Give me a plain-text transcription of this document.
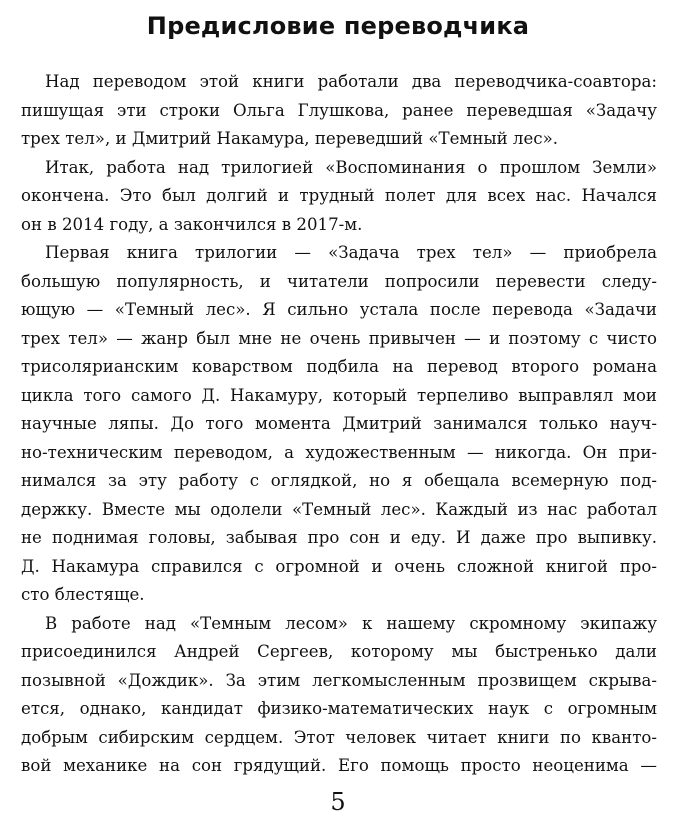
Предисловие переводчика
Над переводом этой книги работали два переводчика-соавтора:
пишущая эти строки Ольга Глушкова, ранее переведшая «Задачу
трех тел», и Дмитрий Накамура, переведший «Темный лес».
Итак, работа над трилогией «Воспоминания о прошлом Земли»
окончена. Это был долгий и трудный полет для всех нас. Начался
он в 2014 году, а закончился в 2017-м.
Первая книга трилогии — «Задача трех тел» — приобрела
большую популярность, и читатели попросили перевести следу-
ющую — «Темный лес». Я сильно устала после перевода «Задачи
трех тел» — жанр был мне не очень привычен — и поэтому с чисто
трисолярианским коварством подбила на перевод второго романа
цикла того самого Д. Накамуру, который терпеливо выправлял мои
научные ляпы. До того момента Дмитрий занимался только науч-
но-техническим переводом, а художественным — никогда. Он при-
нимался за эту работу с оглядкой, но я обещала всемерную под-
держку. Вместе мы одолели «Темный лес». Каждый из нас работал
не поднимая головы, забывая про сон и еду. И даже про выпивку.
Д. Накамура справился с огромной и очень сложной книгой про-
сто блестяще.
В работе над «Темным лесом» к нашему скромному экипажу
присоединился Андрей Сергеев, которому мы быстренько дали
позывной «Дождик». За этим легкомысленным прозвищем скрыва-
ется, однако, кандидат физико-математических наук с огромным
добрым сибирским сердцем. Этот человек читает книги по кванто-
вой механике на сон грядущий. Его помощь просто неоценима —
5
